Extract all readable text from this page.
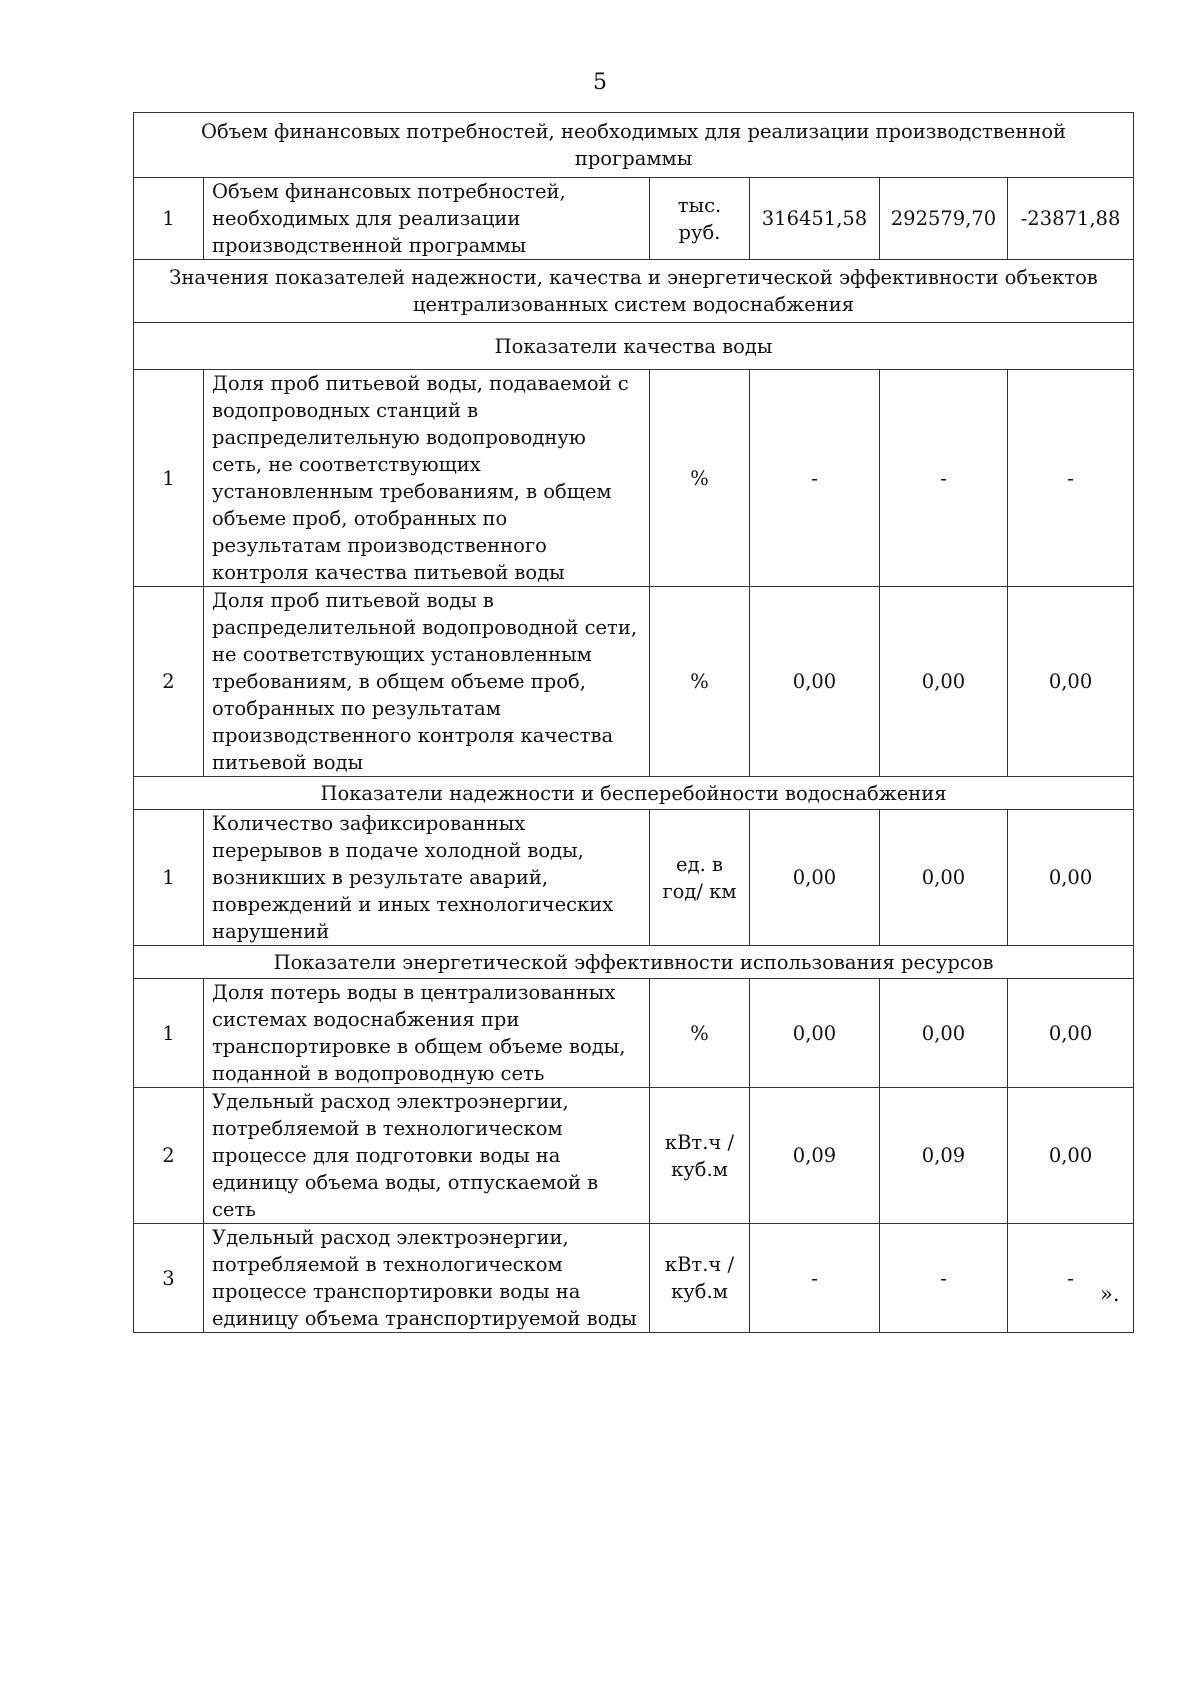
5
Объем финансовых потребностей, необходимых для реализации производственной программы					
1	Объем финансовых потребностей, необходимых для реализации производственной программы	тыс. руб.	316451,58	292579,70	-23871,88
Значения показателей надежности, качества и энергетической эффективности объектов централизованных систем водоснабжения					
Показатели качества воды					
1	Доля проб питьевой воды, подаваемой с водопроводных станций в распределительную водопроводную сеть, не соответствующих установленным требованиям, в общем объеме проб, отобранных по результатам производственного контроля качества питьевой воды	%	-	-	-
2	Доля проб питьевой воды в распределительной водопроводной сети, не соответствующих установленным требованиям, в общем объеме проб, отобранных по результатам производственного контроля качества питьевой воды	%	0,00	0,00	0,00
Показатели надежности и бесперебойности водоснабжения					
1	Количество зафиксированных перерывов в подаче холодной воды, возникших в результате аварий, повреждений и иных технологических нарушений	ед. в год/ км	0,00	0,00	0,00
Показатели энергетической эффективности использования ресурсов					
1	Доля потерь воды в централизованных системах водоснабжения при транспортировке в общем объеме воды, поданной в водопроводную сеть	%	0,00	0,00	0,00
2	Удельный расход электроэнергии, потребляемой в технологическом процессе для подготовки воды на единицу объема воды, отпускаемой в сеть	кВт.ч / куб.м	0,09	0,09	0,00
3	Удельный расход электроэнергии, потребляемой в технологическом процессе транспортировки воды на единицу объема транспортируемой воды	кВт.ч / куб.м	-	-	-
».
